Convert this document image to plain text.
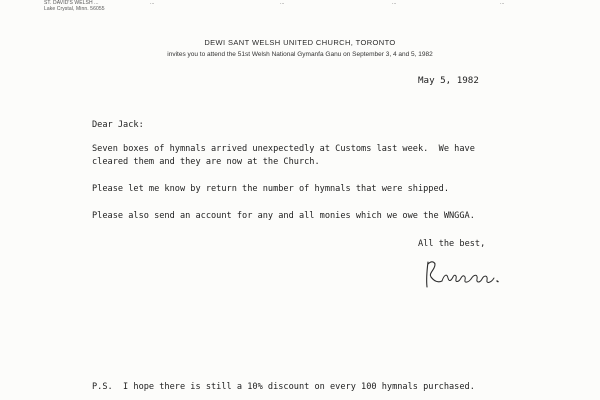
ST. DAVID'S WELSH ...
Lake Crystal, Minn. 56055
...	...	...	...
DEWI SANT WELSH UNITED CHURCH, TORONTO
invites you to attend the 51st Welsh National Gymanfa Ganu on September 3, 4 and 5, 1982
May 5, 1982
Dear Jack:
Seven boxes of hymnals arrived unexpectedly at Customs last week.  We have
cleared them and they are now at the Church.
Please let me know by return the number of hymnals that were shipped.
Please also send an account for any and all monies which we owe the WNGGA.
All the best,
P.S.  I hope there is still a 10% discount on every 100 hymnals purchased.
